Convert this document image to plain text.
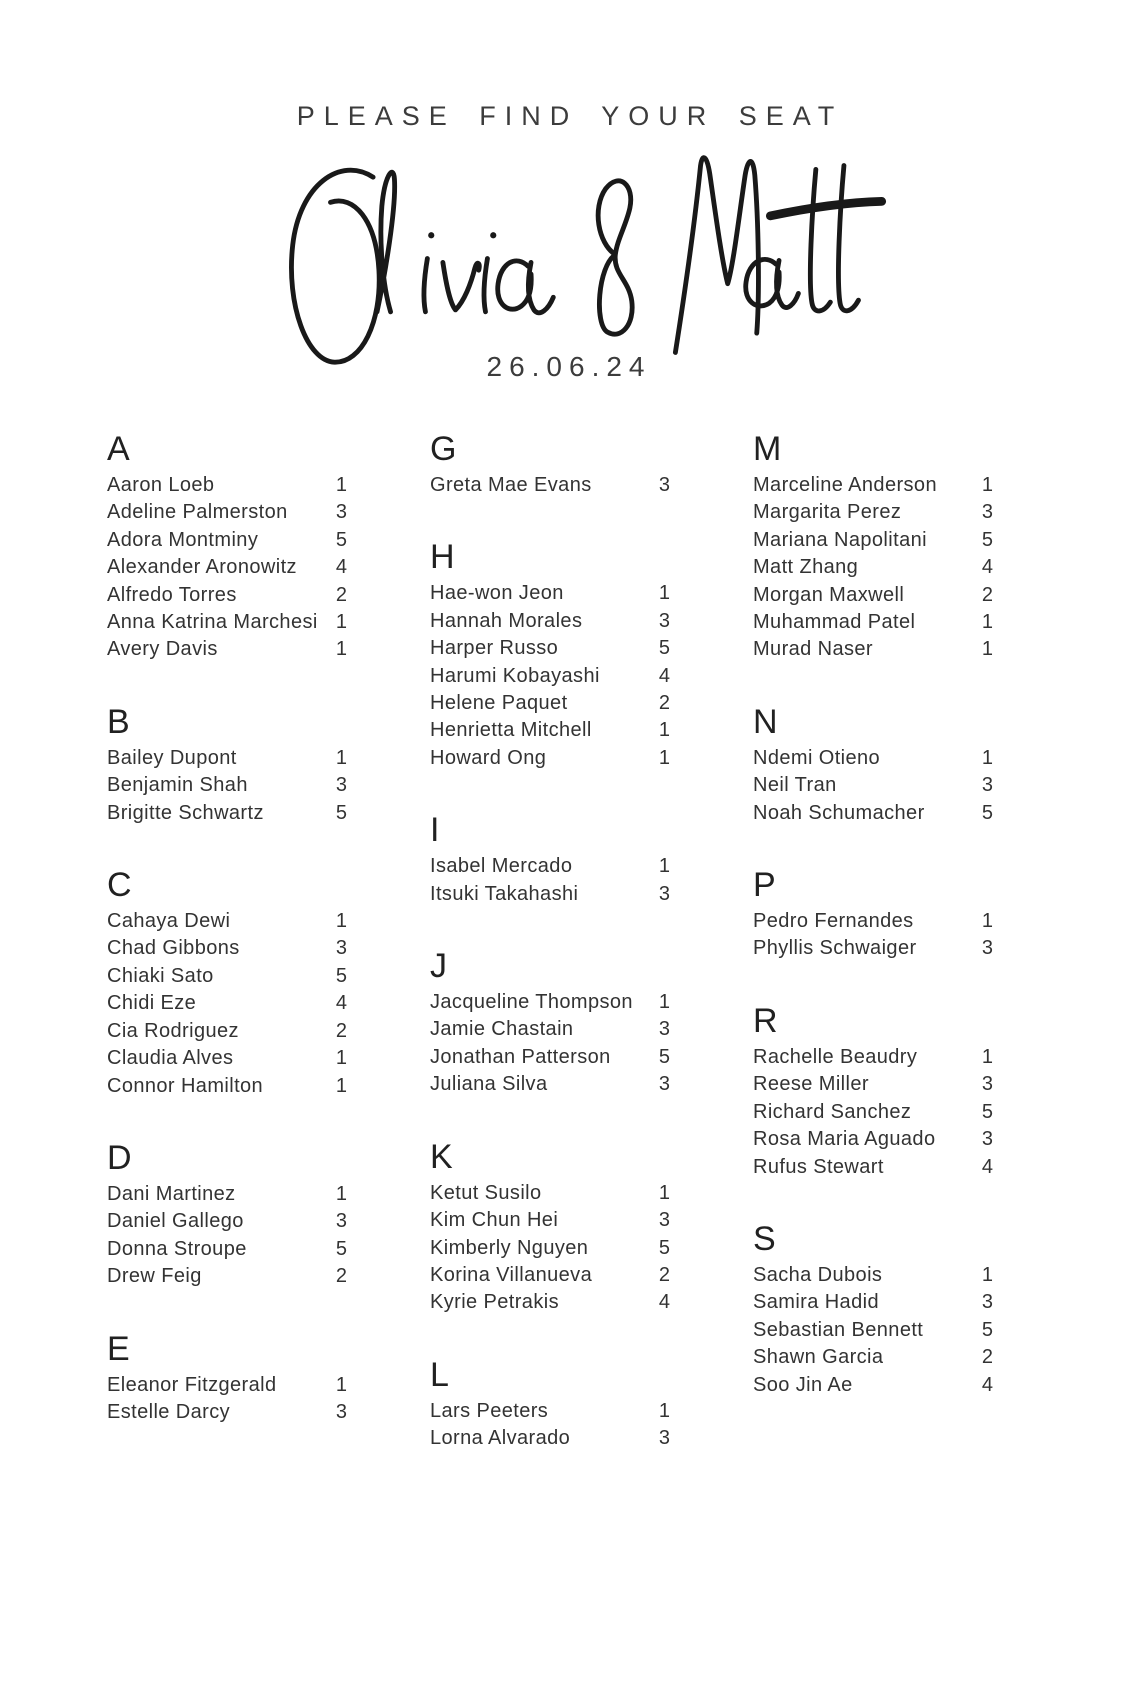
PLEASE FIND YOUR SEAT
26.06.24
A
Aaron Loeb	1
Adeline Palmerston	3
Adora Montminy	5
Alexander Aronowitz	4
Alfredo Torres	2
Anna Katrina Marchesi 1
Avery Davis	1
B
Bailey Dupont	1
Benjamin Shah	3
Brigitte Schwartz	5
C
Cahaya Dewi	1
Chad Gibbons	3
Chiaki Sato	5
Chidi Eze	4
Cia Rodriguez	2
Claudia Alves	1
Connor Hamilton	1
D
Dani Martinez	1
Daniel Gallego	3
Donna Stroupe	5
Drew Feig	2
E
Eleanor Fitzgerald	1
Estelle Darcy	3
G
Greta Mae Evans	3
H
Hae-won Jeon	1
Hannah Morales	3
Harper Russo	5
Harumi Kobayashi	4
Helene Paquet	2
Henrietta Mitchell	1
Howard Ong	1
I
Isabel Mercado	1
Itsuki Takahashi	3
J
Jacqueline Thompson	1
Jamie Chastain	3
Jonathan Patterson	5
Juliana Silva	3
K
Ketut Susilo	1
Kim Chun Hei	3
Kimberly Nguyen	5
Korina Villanueva	2
Kyrie Petrakis	4
L
Lars Peeters	1
Lorna Alvarado	3
M
Marceline Anderson	1
Margarita Perez	3
Mariana Napolitani	5
Matt Zhang	4
Morgan Maxwell	2
Muhammad Patel	1
Murad Naser	1
N
Ndemi Otieno	1
Neil Tran	3
Noah Schumacher	5
P
Pedro Fernandes	1
Phyllis Schwaiger	3
R
Rachelle Beaudry	1
Reese Miller	3
Richard Sanchez	5
Rosa Maria Aguado	3
Rufus Stewart	4
S
Sacha Dubois	1
Samira Hadid	3
Sebastian Bennett	5
Shawn Garcia	2
Soo Jin Ae	4
